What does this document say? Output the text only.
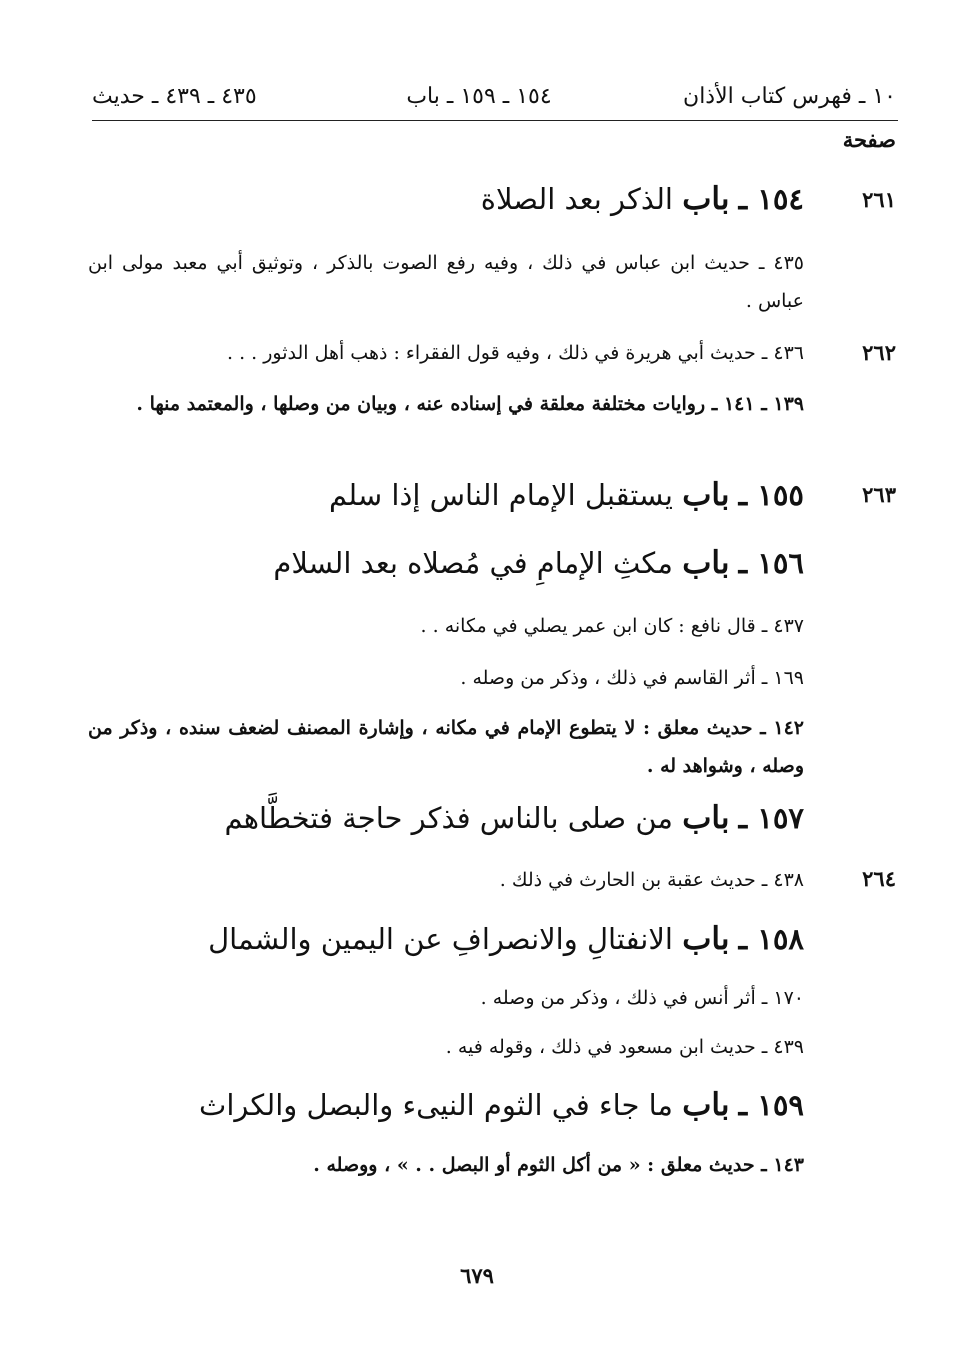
١٠ ـ فهرس كتاب الأذان
١٥٤ ـ ١٥٩ ـ باب
٤٣٥ ـ ٤٣٩ ـ حديث
صفحة
٢٦١
١٥٤ ـ باب الذكر بعد الصلاة
٤٣٥ ـ حديث ابن عباس في ذلك ، وفيه رفع الصوت بالذكر ، وتوثيق أبي معبد مولى ابن عباس .
٢٦٢
٤٣٦ ـ حديث أبي هريرة في ذلك ، وفيه قول الفقراء : ذهب أهل الدثور . . .
١٣٩ ـ ١٤١ ـ روايات مختلفة معلقة في إسناده عنه ، وبيان من وصلها ، والمعتمد منها .
٢٦٣
١٥٥ ـ باب يستقبل الإمام الناس إذا سلم
١٥٦ ـ باب مكثِ الإمامِ في مُصلاه بعد السلام
٤٣٧ ـ قال نافع : كان ابن عمر يصلي في مكانه . .
١٦٩ ـ أثر القاسم في ذلك ، وذكر من وصله .
١٤٢ ـ حديث معلق : لا يتطوع الإمام في مكانه ، وإشارة المصنف لضعف سنده ، وذكر من وصله ، وشواهد له .
١٥٧ ـ باب من صلى بالناس فذكر حاجة فتخطَّاهم
٢٦٤
٤٣٨ ـ حديث عقبة بن الحارث في ذلك .
١٥٨ ـ باب الانفتالِ والانصرافِ عن اليمين والشمال
١٧٠ ـ أثر أنس في ذلك ، وذكر من وصله .
٤٣٩ ـ حديث ابن مسعود في ذلك ، وقوله فيه .
١٥٩ ـ باب ما جاء في الثوم النيىء والبصل والكراث
١٤٣ ـ حديث معلق : « من أكل الثوم أو البصل . . » ، ووصله .
٦٧٩
